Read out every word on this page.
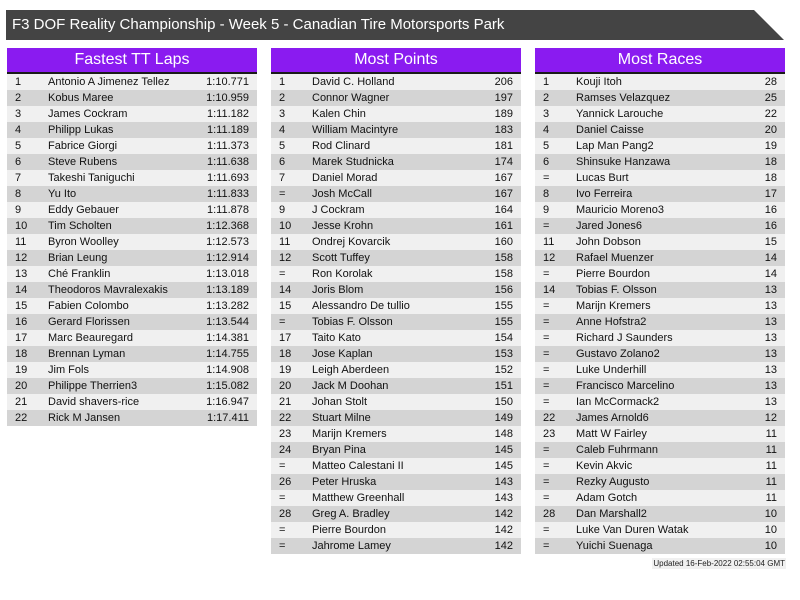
F3 DOF Reality Championship - Week 5 - Canadian Tire Motorsports Park
Fastest TT Laps
1 Antonio A Jimenez Tellez	1:10.771
2 Kobus Maree	1:10.959
3 James Cockram	1:11.182
4 Philipp Lukas	1:11.189
5 Fabrice Giorgi	1:11.373
6 Steve Rubens	1:11.638
7 Takeshi Taniguchi	1:11.693
8 Yu Ito	1:11.833
9 Eddy Gebauer	1:11.878
10 Tim Scholten	1:12.368
11 Byron Woolley	1:12.573
12 Brian Leung	1:12.914
13 Ché Franklin	1:13.018
14 Theodoros Mavralexakis	1:13.189
15 Fabien Colombo	1:13.282
16 Gerard Florissen	1:13.544
17 Marc Beauregard	1:14.381
18 Brennan Lyman	1:14.755
19 Jim Fols	1:14.908
20 Philippe Therrien3	1:15.082
21 David shavers-rice	1:16.947
22 Rick M Jansen	1:17.411
Most Points
1 David C. Holland	206
2 Connor Wagner	197
3 Kalen Chin	189
4 William Macintyre	183
5 Rod Clinard	181
6 Marek Studnicka	174
7 Daniel Morad	167
= Josh McCall	167
9 J Cockram	164
10 Jesse Krohn	161
11 Ondrej Kovarcik	160
12 Scott Tuffey	158
= Ron Korolak	158
14 Joris Blom	156
15 Alessandro De tullio	155
= Tobias F. Olsson	155
17 Taito Kato	154
18 Jose Kaplan	153
19 Leigh Aberdeen	152
20 Jack M Doohan	151
21 Johan Stolt	150
22 Stuart Milne	149
23 Marijn Kremers	148
24 Bryan Pina	145
= Matteo Calestani II	145
26 Peter Hruska	143
= Matthew Greenhall	143
28 Greg A. Bradley	142
= Pierre Bourdon	142
= Jahrome Lamey	142
Most Races
1 Kouji Itoh	28
2 Ramses Velazquez	25
3 Yannick Larouche	22
4 Daniel Caisse	20
5 Lap Man Pang2	19
6 Shinsuke Hanzawa	18
= Lucas Burt	18
8 Ivo Ferreira	17
9 Mauricio Moreno3	16
= Jared Jones6	16
11 John Dobson	15
12 Rafael Muenzer	14
= Pierre Bourdon	14
14 Tobias F. Olsson	13
= Marijn Kremers	13
= Anne Hofstra2	13
= Richard J Saunders	13
= Gustavo Zolano2	13
= Luke Underhill	13
= Francisco Marcelino	13
= Ian McCormack2	13
22 James Arnold6	12
23 Matt W Fairley	11
= Caleb Fuhrmann	11
= Kevin Akvic	11
= Rezky Augusto	11
= Adam Gotch	11
28 Dan Marshall2	10
= Luke Van Duren Watak	10
= Yuichi Suenaga	10
Updated 16-Feb-2022 02:55:04 GMT
